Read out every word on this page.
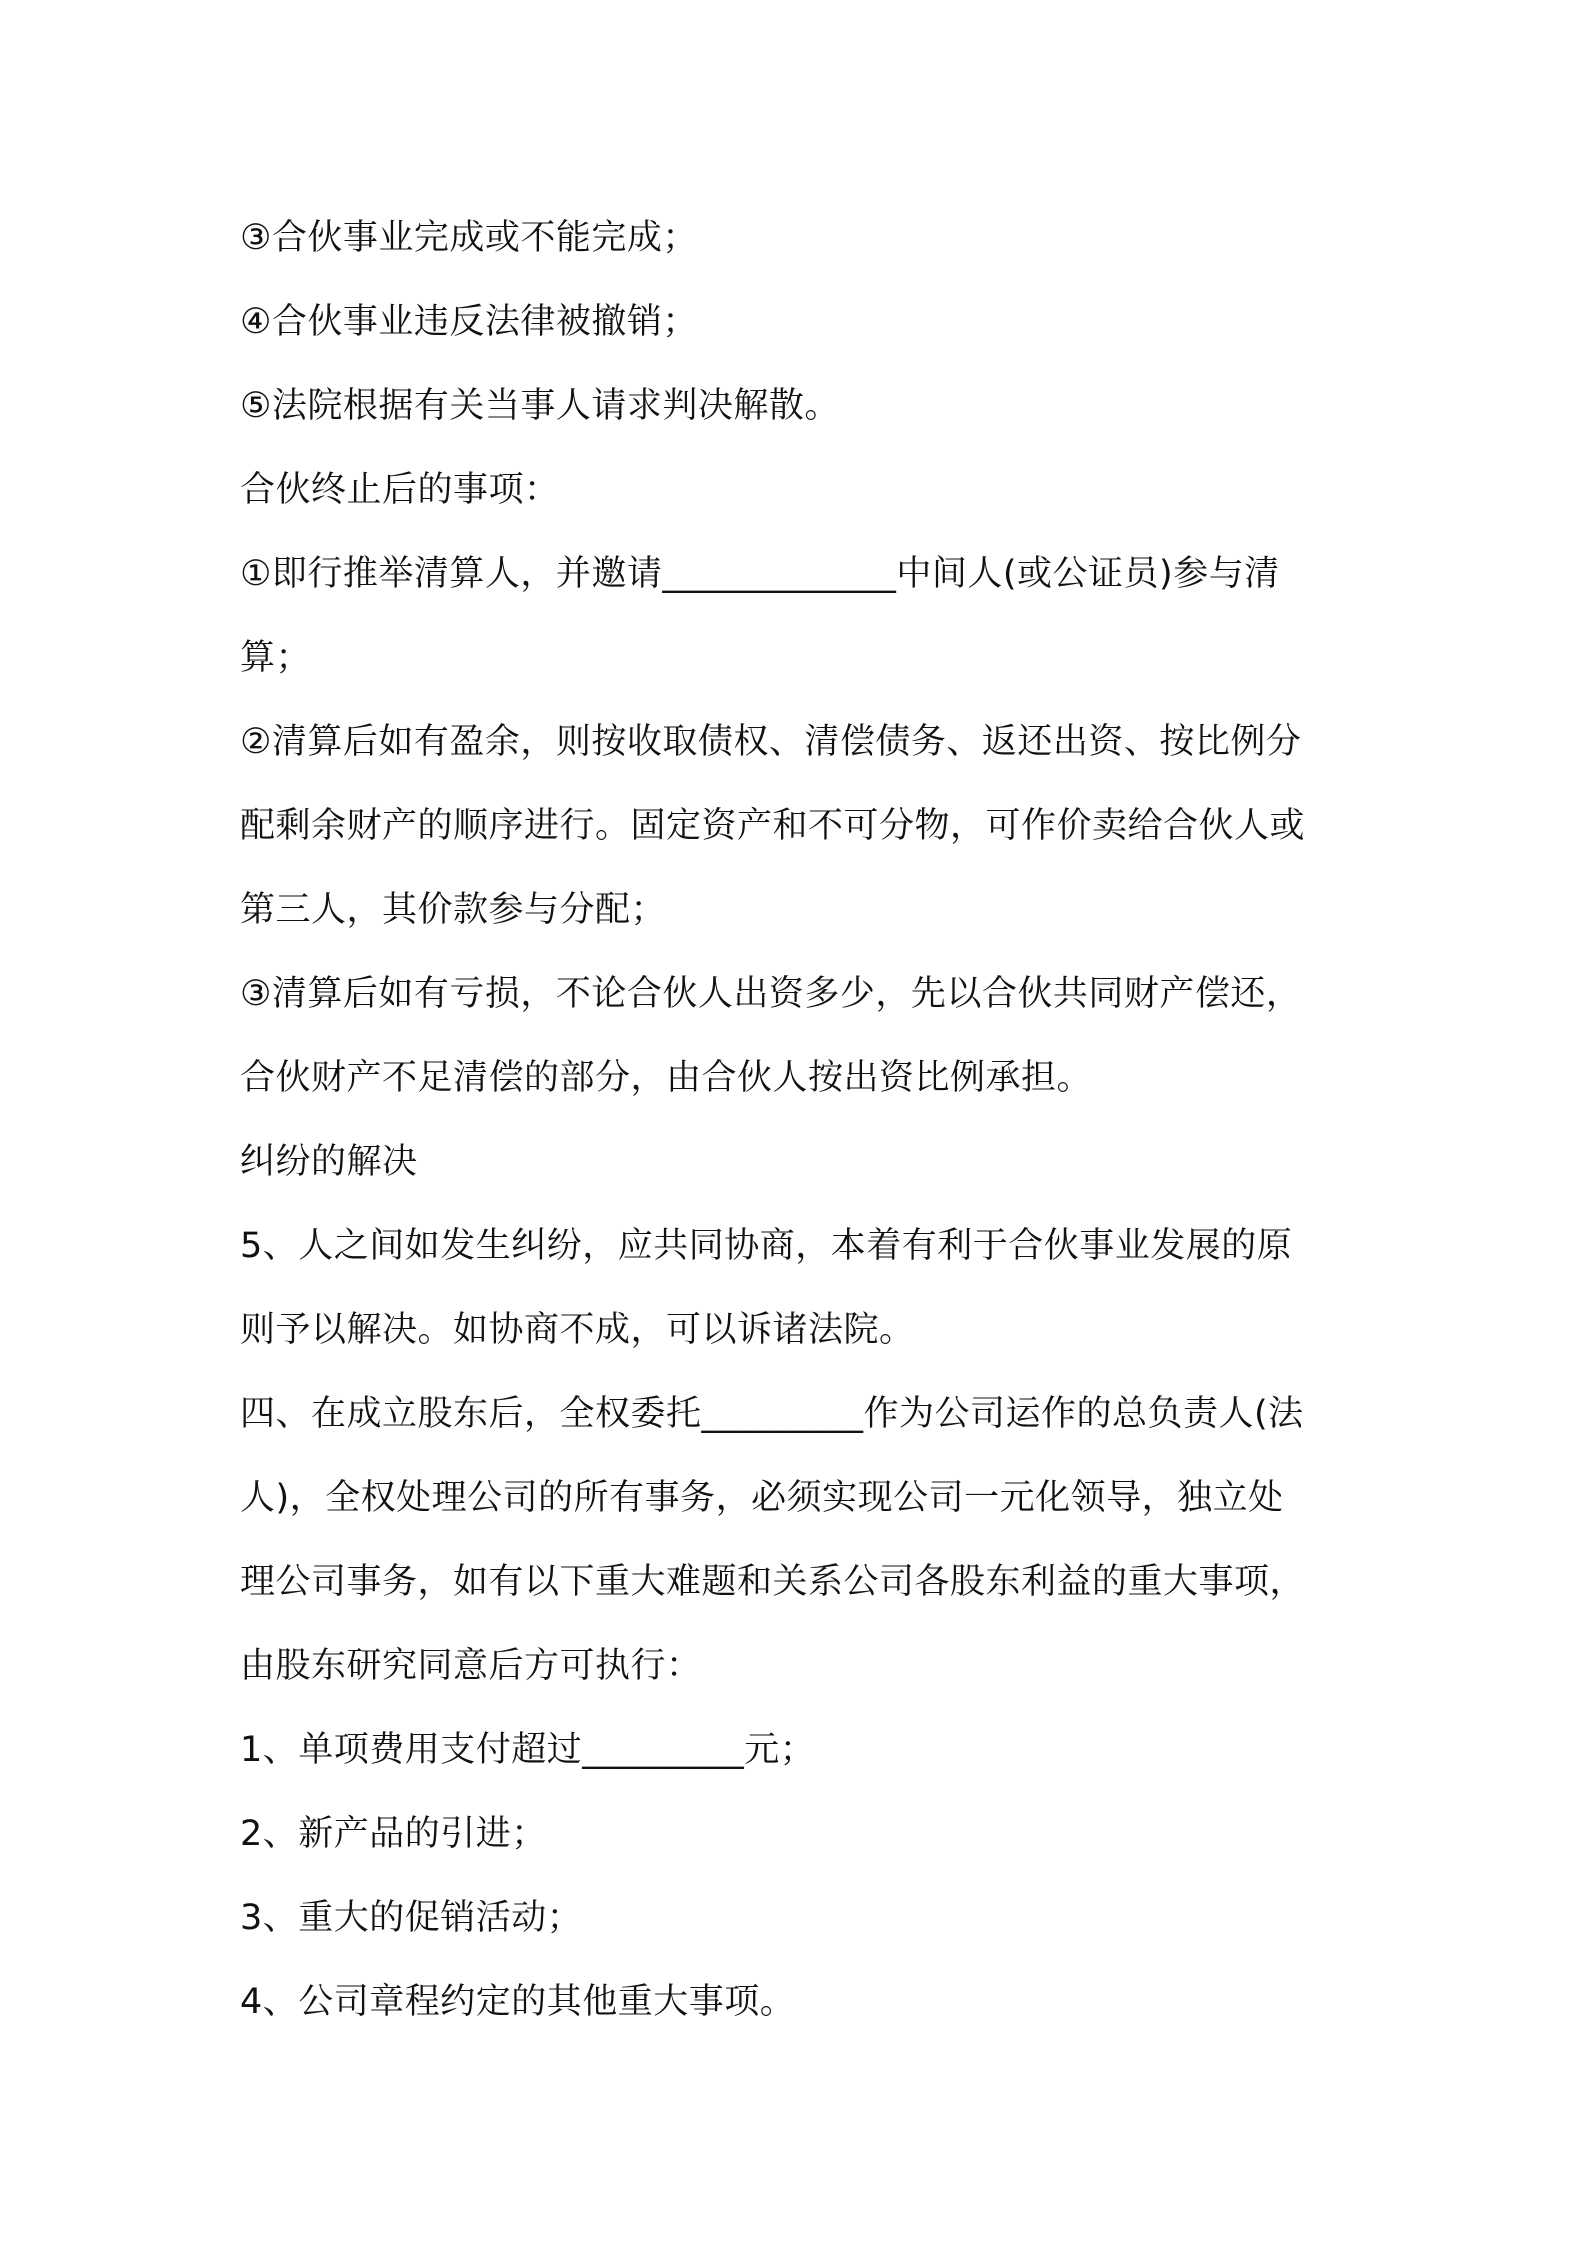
③合伙事业完成或不能完成；
④合伙事业违反法律被撤销；
⑤法院根据有关当事人请求判决解散。
合伙终止后的事项：
①即行推举清算人，并邀请_____________中间人(或公证员)参与清
算；
②清算后如有盈余，则按收取债权、清偿债务、返还出资、按比例分
配剩余财产的顺序进行。固定资产和不可分物，可作价卖给合伙人或
第三人，其价款参与分配；
③清算后如有亏损，不论合伙人出资多少，先以合伙共同财产偿还，
合伙财产不足清偿的部分，由合伙人按出资比例承担。
纠纷的解决
5、人之间如发生纠纷，应共同协商，本着有利于合伙事业发展的原
则予以解决。如协商不成，可以诉诸法院。
四、在成立股东后，全权委托_________作为公司运作的总负责人(法
人)，全权处理公司的所有事务，必须实现公司一元化领导，独立处
理公司事务，如有以下重大难题和关系公司各股东利益的重大事项，
由股东研究同意后方可执行：
1、单项费用支付超过_________元；
2、新产品的引进；
3、重大的促销活动；
4、公司章程约定的其他重大事项。
